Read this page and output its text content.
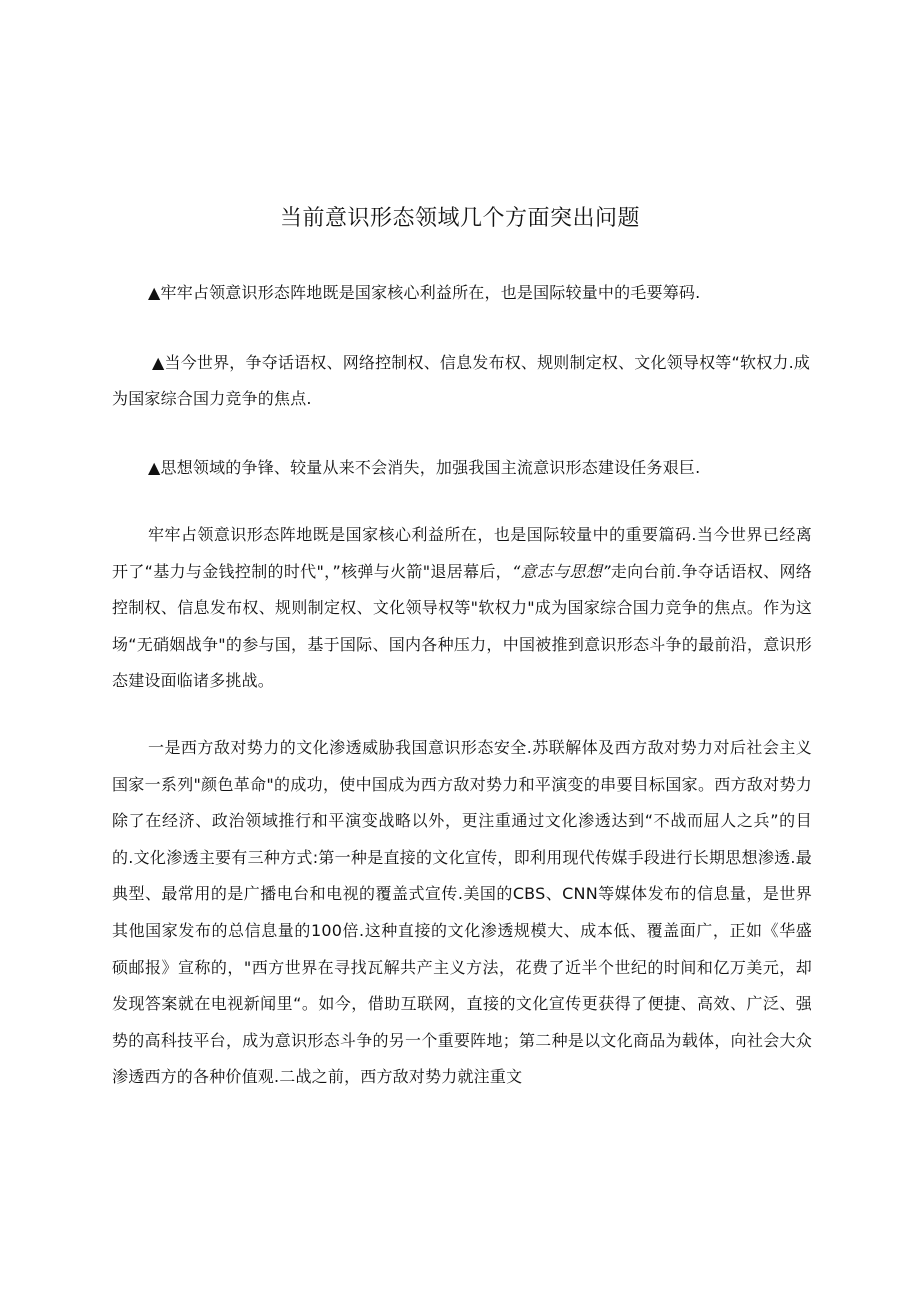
当前意识形态领域几个方面突出问题

▲牢牢占领意识形态阵地既是国家核心利益所在，也是国际较量中的毛要筹码.

▲当今世界，争夺话语权、网络控制权、信息发布权、规则制定权、文化领导权等“软权力.成为国家综合国力竞争的焦点.

▲思想领域的争锋、较量从来不会消失，加强我国主流意识形态建设任务艰巨.

牢牢占领意识形态阵地既是国家核心利益所在，也是国际较量中的重要篇码.当今世界已经离开了“基力与金钱控制的时代"，”核弹与火箭"退居幕后，“意志与思想”走向台前.争夺话语权、网络控制权、信息发布权、规则制定权、文化领导权等"软权力"成为国家综合国力竞争的焦点。作为这场“无硝姻战争"的参与国，基于国际、国内各种压力，中国被推到意识形态斗争的最前沿，意识形态建设面临诸多挑战。

一是西方敌对势力的文化渗透威胁我国意识形态安全.苏联解体及西方敌对势力对后社会主义国家一系列"颜色革命"的成功，使中国成为西方敌对势力和平演变的串要目标国家。西方敌对势力除了在经济、政治领域推行和平演变战略以外，更注重通过文化渗透达到“不战而屈人之兵”的目的.文化渗透主要有三种方式:第一种是直接的文化宣传，即利用现代传媒手段进行长期思想渗透.最典型、最常用的是广播电台和电视的覆盖式宣传.美国的CBS、CNN等媒体发布的信息量，是世界其他国家发布的总信息量的100倍.这种直接的文化渗透规模大、成本低、覆盖面广，正如《华盛硕邮报》宣称的，"西方世界在寻找瓦解共产主义方法，花费了近半个世纪的时间和亿万美元，却发现答案就在电视新闻里“。如今，借助互联网，直接的文化宣传更获得了便捷、高效、广泛、强势的高科技平台，成为意识形态斗争的另一个重要阵地；第二种是以文化商品为载体，向社会大众渗透西方的各种价值观.二战之前，西方敌对势力就注重文
